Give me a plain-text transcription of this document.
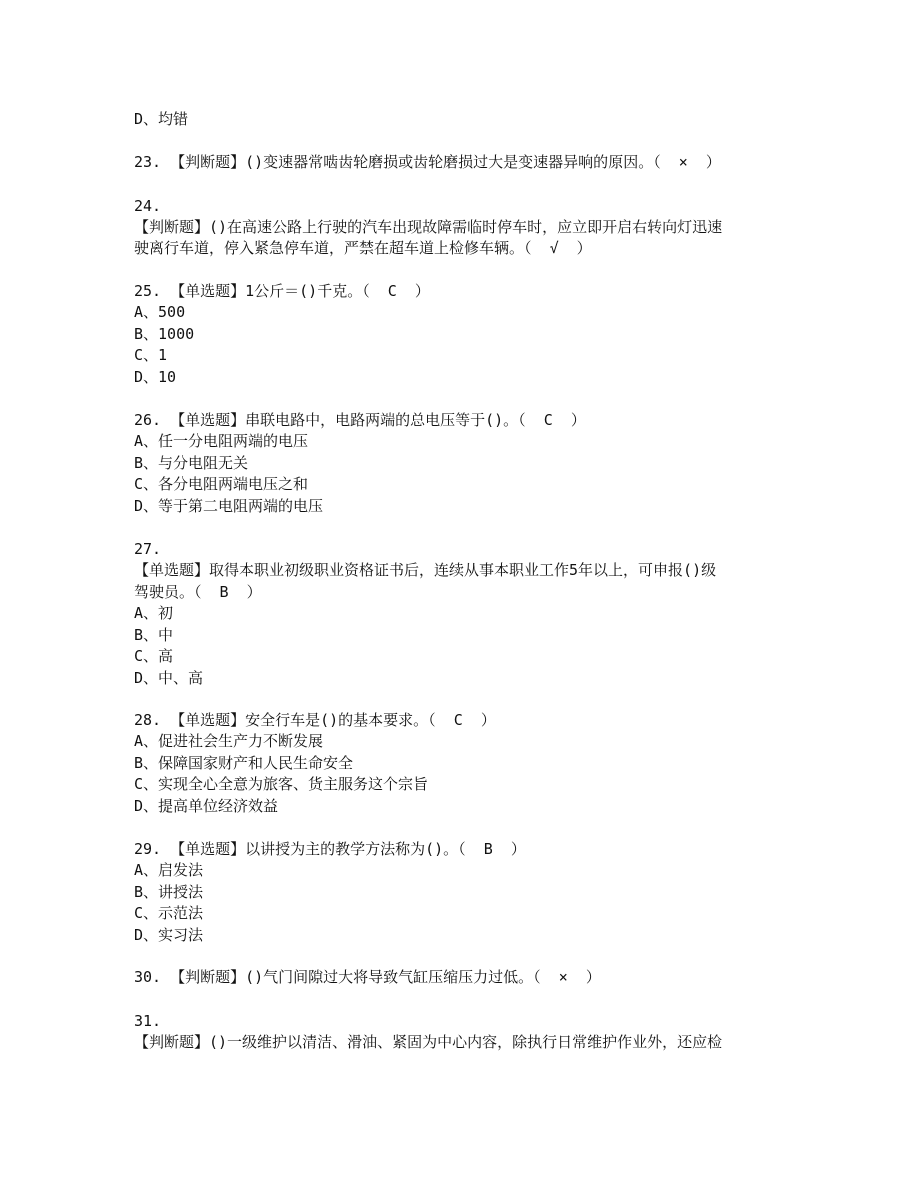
D、均错
23. 【判断题】()变速器常啮齿轮磨损或齿轮磨损过大是变速器异响的原因。（  ×  ）
24.
【判断题】()在高速公路上行驶的汽车出现故障需临时停车时，应立即开启右转向灯迅速
驶离行车道，停入紧急停车道，严禁在超车道上检修车辆。（  √  ）
25. 【单选题】1公斤＝()千克。（  C  ）
A、500
B、1000
C、1
D、10
26. 【单选题】串联电路中，电路两端的总电压等于()。（  C  ）
A、任一分电阻两端的电压
B、与分电阻无关
C、各分电阻两端电压之和
D、等于第二电阻两端的电压
27.
【单选题】取得本职业初级职业资格证书后，连续从事本职业工作5年以上，可申报()级
驾驶员。（  B  ）
A、初
B、中
C、高
D、中、高
28. 【单选题】安全行车是()的基本要求。（  C  ）
A、促进社会生产力不断发展
B、保障国家财产和人民生命安全
C、实现全心全意为旅客、货主服务这个宗旨
D、提高单位经济效益
29. 【单选题】以讲授为主的教学方法称为()。（  B  ）
A、启发法
B、讲授法
C、示范法
D、实习法
30. 【判断题】()气门间隙过大将导致气缸压缩压力过低。（  ×  ）
31.
【判断题】()一级维护以清洁、滑油、紧固为中心内容，除执行日常维护作业外，还应检
